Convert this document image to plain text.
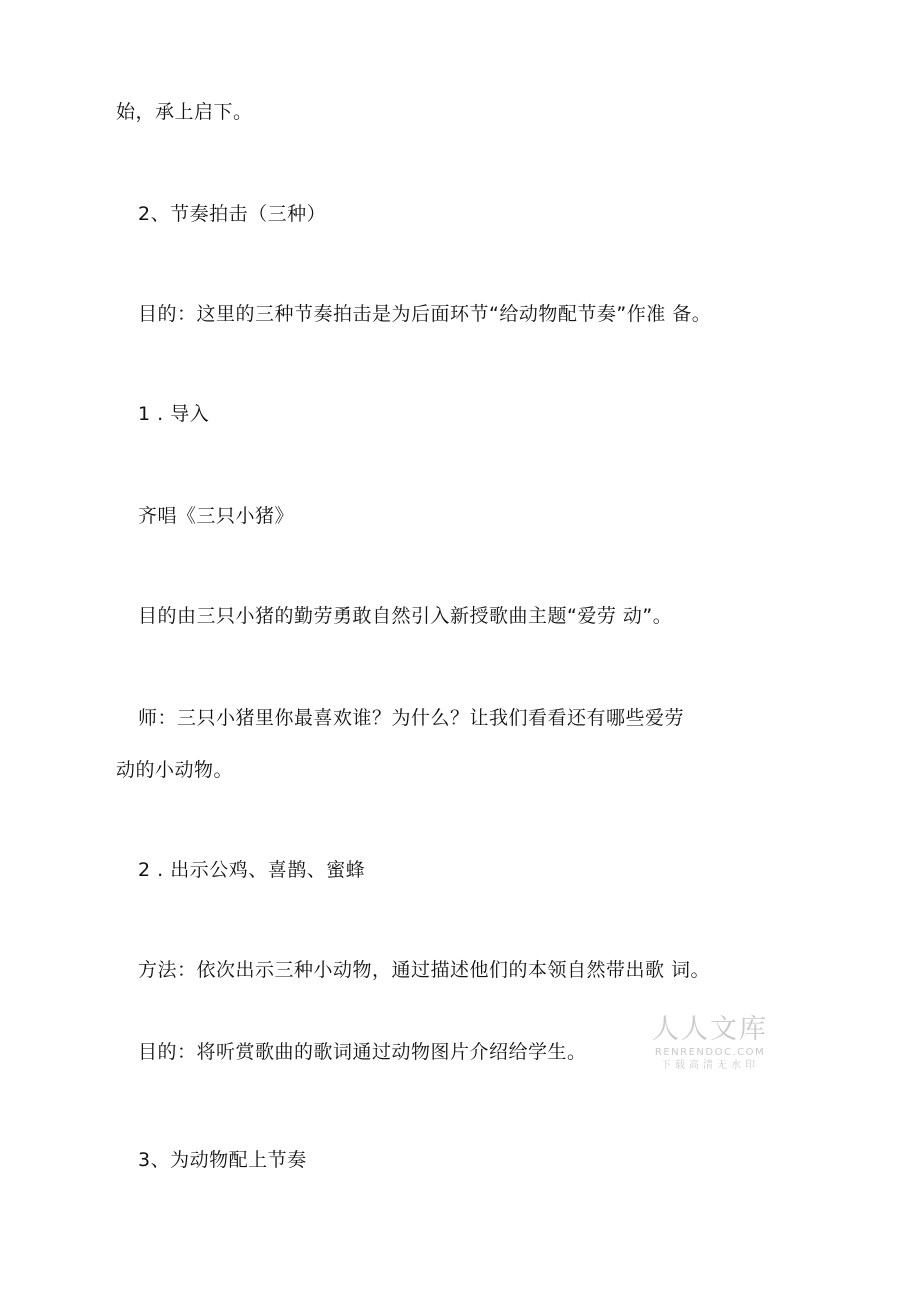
始，承上启下。
2、节奏拍击（三种）
目的：这里的三种节奏拍击是为后面环节“给动物配节奏”作准 备。
1 . 导入
齐唱《三只小猪》
目的由三只小猪的勤劳勇敢自然引入新授歌曲主题“爱劳 动”。
师：三只小猪里你最喜欢谁？为什么？让我们看看还有哪些爱劳
动的小动物。
2 . 出示公鸡、喜鹊、蜜蜂
方法：依次出示三种小动物，通过描述他们的本领自然带出歌 词。
目的：将听赏歌曲的歌词通过动物图片介绍给学生。
3、为动物配上节奏
人人文库
RENRENDOC.COM
下载高清无水印
